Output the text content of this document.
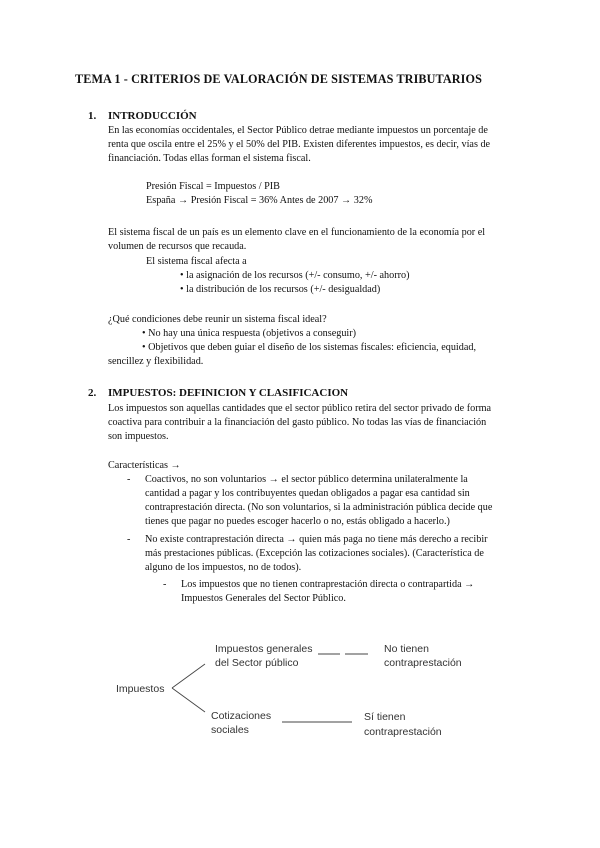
TEMA 1 - CRITERIOS DE VALORACIÓN DE SISTEMAS TRIBUTARIOS

1. INTRODUCCIÓN

En las economías occidentales, el Sector Público detrae mediante impuestos un porcentaje de

renta que oscila entre el 25% y el 50% del PIB. Existen diferentes impuestos, es decir, vías de

financiación. Todas ellas forman el sistema fiscal.

Presión Fiscal = Impuestos / PIB

España → Presión Fiscal = 36% Antes de 2007 → 32%

El sistema fiscal de un país es un elemento clave en el funcionamiento de la economía por el

volumen de recursos que recauda.

El sistema fiscal afecta a

• la asignación de los recursos (+/- consumo, +/- ahorro)
• la distribución de los recursos (+/- desigualdad)

¿Qué condiciones debe reunir un sistema fiscal ideal?

• No hay una única respuesta (objetivos a conseguir)

• Objetivos que deben guiar el diseño de los sistemas fiscales: eficiencia, equidad,

sencillez y flexibilidad.

2. IMPUESTOS: DEFINICION Y CLASIFICACION

Los impuestos son aquellas cantidades que el sector público retira del sector privado de forma

coactiva para contribuir a la financiación del gasto público. No todas las vías de financiación

son impuestos.

Características →

- Coactivos, no son voluntarios → el sector público determina unilateralmente la

cantidad a pagar y los contribuyentes quedan obligados a pagar esa cantidad sin

contraprestación directa. (No son voluntarios, si la administración pública decide que

tienes que pagar no puedes escoger hacerlo o no, estás obligado a hacerlo.)

- No existe contraprestación directa → quien más paga no tiene más derecho a recibir

más prestaciones públicas. (Excepción las cotizaciones sociales). (Característica de

alguno de los impuestos, no de todos).

- Los impuestos que no tienen contraprestación directa o contrapartida →

Impuestos Generales del Sector Público.

Impuestos
Impuestos generales
del Sector público
No tienen
contraprestación
Cotizaciones
sociales
Sí tienen
contraprestación
